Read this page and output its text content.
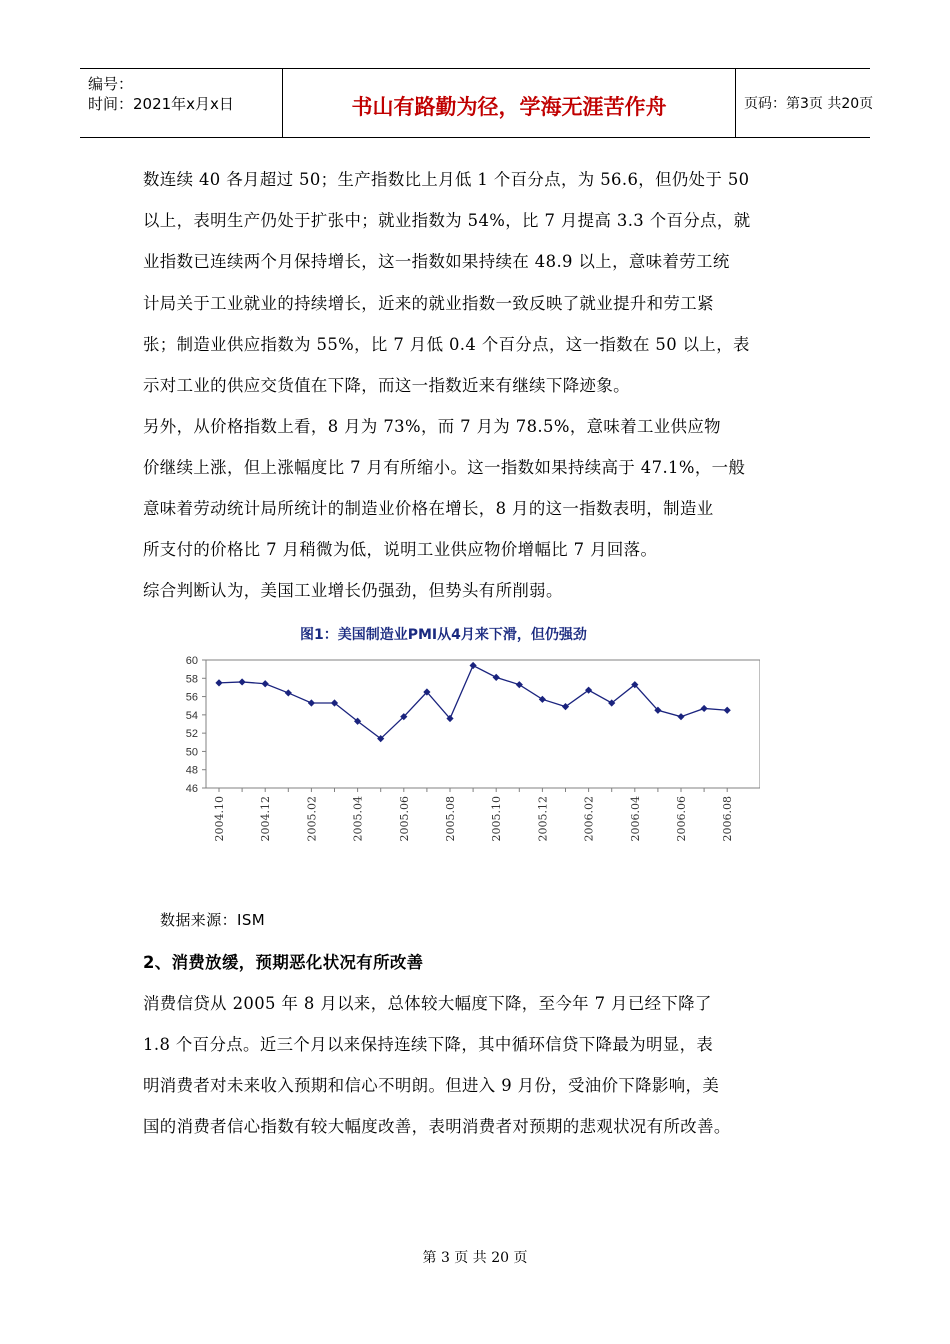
编号：
时间：2021年x月x日	书山有路勤为径，学海无涯苦作舟	页码：第3页 共20页
数连续 40 各月超过 50；生产指数比上月低 1 个百分点，为 56.6，但仍处于 50
以上，表明生产仍处于扩张中；就业指数为 54%，比 7 月提高 3.3 个百分点，就
业指数已连续两个月保持增长，这一指数如果持续在 48.9 以上，意味着劳工统
计局关于工业就业的持续增长，近来的就业指数一致反映了就业提升和劳工紧
张；制造业供应指数为 55%，比 7 月低 0.4 个百分点，这一指数在 50 以上，表
示对工业的供应交货值在下降，而这一指数近来有继续下降迹象。
另外，从价格指数上看，8 月为 73%，而 7 月为 78.5%，意味着工业供应物
价继续上涨，但上涨幅度比 7 月有所缩小。这一指数如果持续高于 47.1%，一般
意味着劳动统计局所统计的制造业价格在增长，8 月的这一指数表明，制造业
所支付的价格比 7 月稍微为低，说明工业供应物价增幅比 7 月回落。
综合判断认为，美国工业增长仍强劲，但势头有所削弱。
图1：美国制造业PMI从4月来下滑，但仍强劲
46
48
50
52
54
56
58
60
2004.10	2004.12	2005.02	2005.04	2005.06	2005.08	2005.10	2005.12	2006.02	2006.04	2006.06	2006.08
数据来源：ISM
2、消费放缓，预期恶化状况有所改善
消费信贷从 2005 年 8 月以来，总体较大幅度下降，至今年 7 月已经下降了
1.8 个百分点。近三个月以来保持连续下降，其中循环信贷下降最为明显，表
明消费者对未来收入预期和信心不明朗。但进入 9 月份，受油价下降影响，美
国的消费者信心指数有较大幅度改善，表明消费者对预期的悲观状况有所改善。
第 3 页 共 20 页
